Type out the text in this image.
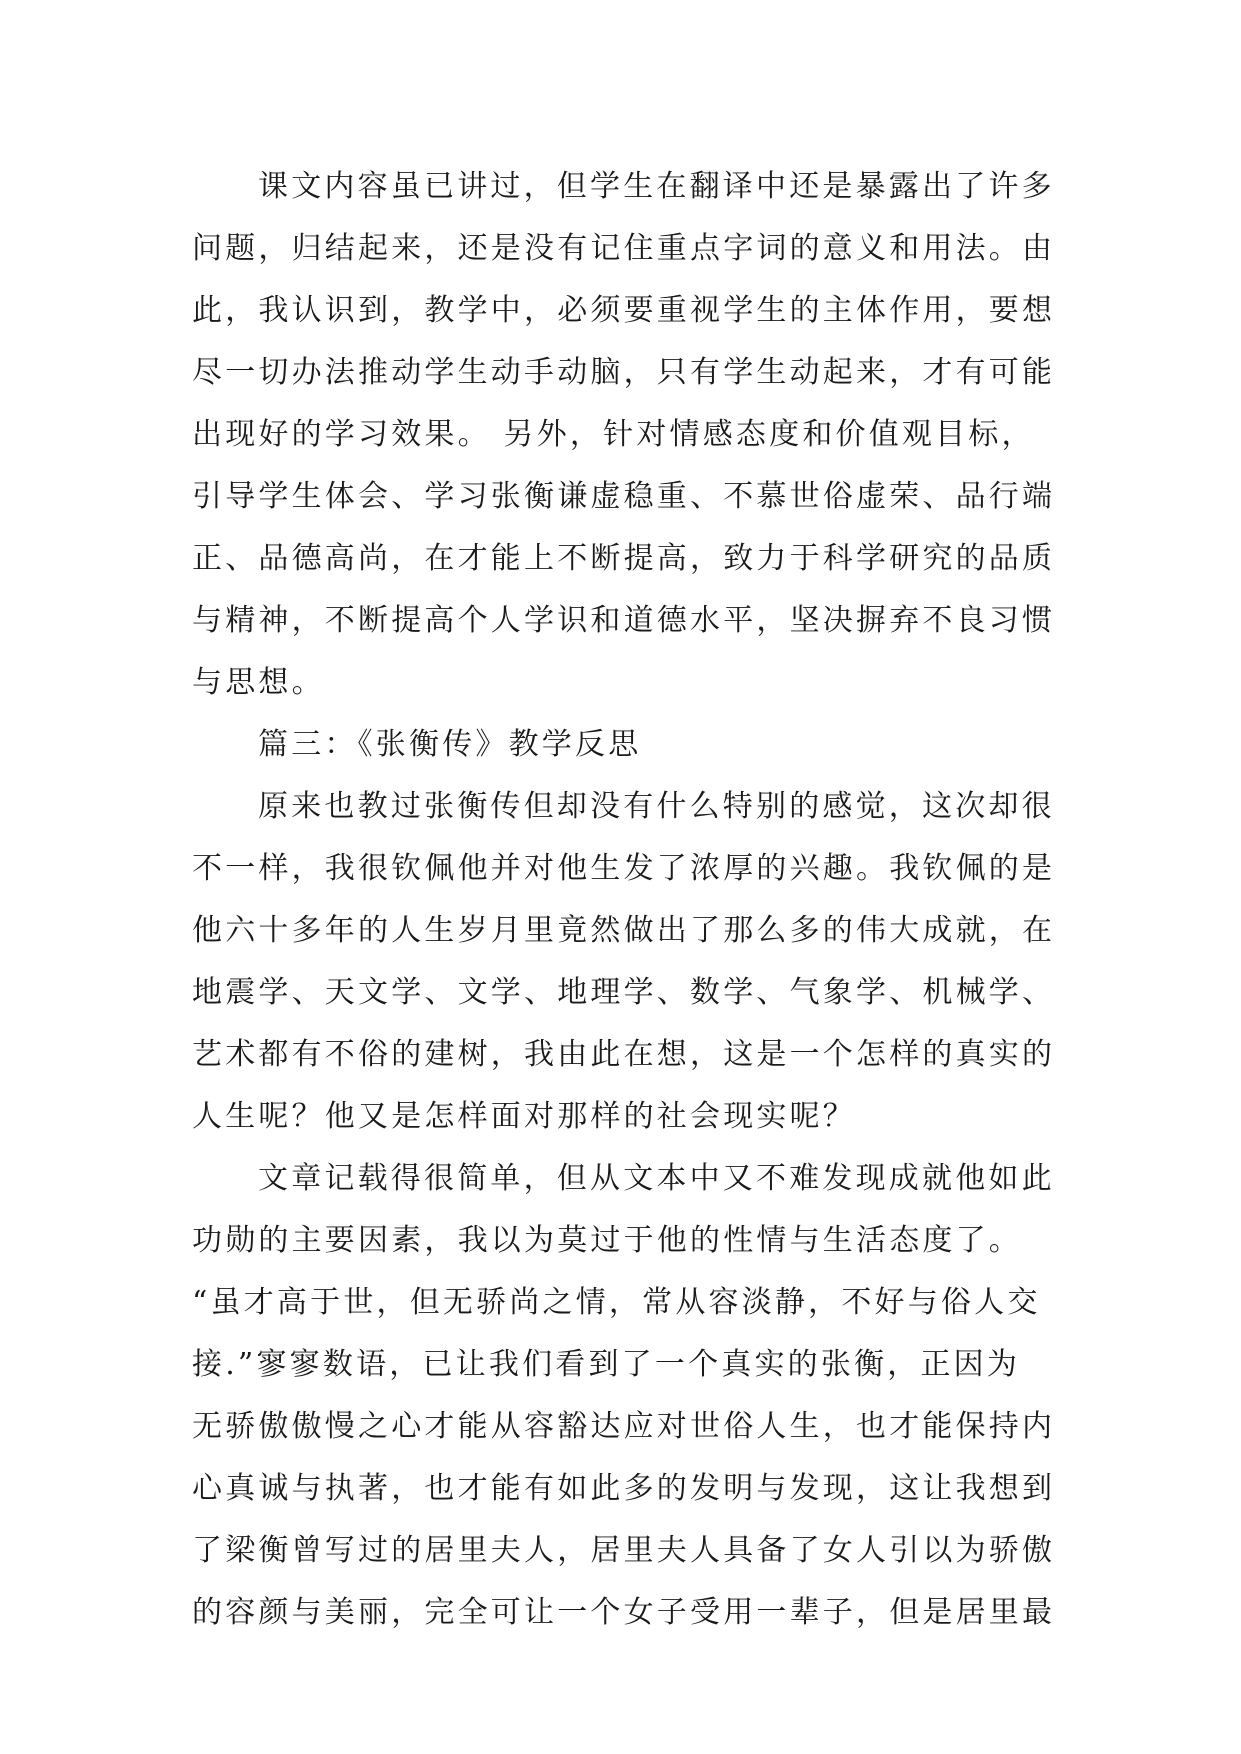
课文内容虽已讲过，但学生在翻译中还是暴露出了许多
问题，归结起来，还是没有记住重点字词的意义和用法。由
此，我认识到，教学中，必须要重视学生的主体作用，要想
尽一切办法推动学生动手动脑，只有学生动起来，才有可能
出现好的学习效果。 另外，针对情感态度和价值观目标，
引导学生体会、学习张衡谦虚稳重、不慕世俗虚荣、品行端
正、品德高尚，在才能上不断提高，致力于科学研究的品质
与精神，不断提高个人学识和道德水平，坚决摒弃不良习惯
与思想。
篇三：《张衡传》教学反思
原来也教过张衡传但却没有什么特别的感觉，这次却很
不一样，我很钦佩他并对他生发了浓厚的兴趣。我钦佩的是
他六十多年的人生岁月里竟然做出了那么多的伟大成就，在
地震学、天文学、文学、地理学、数学、气象学、机械学、
艺术都有不俗的建树，我由此在想，这是一个怎样的真实的
人生呢？他又是怎样面对那样的社会现实呢？
文章记载得很简单，但从文本中又不难发现成就他如此
功勋的主要因素，我以为莫过于他的性情与生活态度了。
“虽才高于世，但无骄尚之情，常从容淡静，不好与俗人交
接.”寥寥数语，已让我们看到了一个真实的张衡，正因为
无骄傲傲慢之心才能从容豁达应对世俗人生，也才能保持内
心真诚与执著，也才能有如此多的发明与发现，这让我想到
了梁衡曾写过的居里夫人，居里夫人具备了女人引以为骄傲
的容颜与美丽，完全可让一个女子受用一辈子，但是居里最
